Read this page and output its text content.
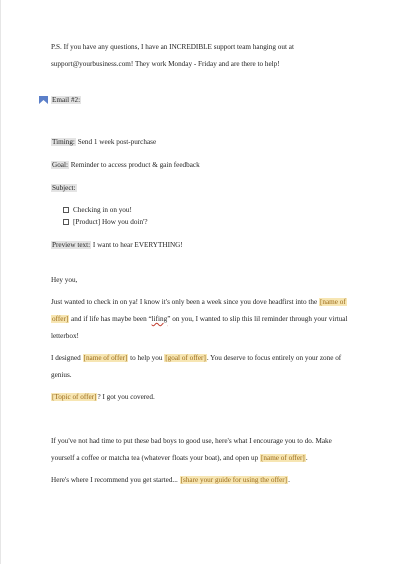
P.S. If you have any questions, I have an INCREDIBLE support team hanging out at
support@yourbusiness.com! They work Monday - Friday and are there to help!
Email #2:
Timing: Send 1 week post-purchase
Goal: Reminder to access product & gain feedback
Subject:
Checking in on you!
[Product] How you doin'?
Preview text: I want to hear EVERYTHING!
Hey you,
Just wanted to check in on ya! I know it's only been a week since you dove headfirst into the [name of
offer] and if life has maybe been “lifing” on you, I wanted to slip this lil reminder through your virtual
letterbox!
I designed [name of offer] to help you [goal of offer]. You deserve to focus entirely on your zone of
genius.
[Topic of offer]? I got you covered.
If you've not had time to put these bad boys to good use, here's what I encourage you to do. Make
yourself a coffee or matcha tea (whatever floats your boat), and open up [name of offer].
Here's where I recommend you get started... [share your guide for using the offer].
